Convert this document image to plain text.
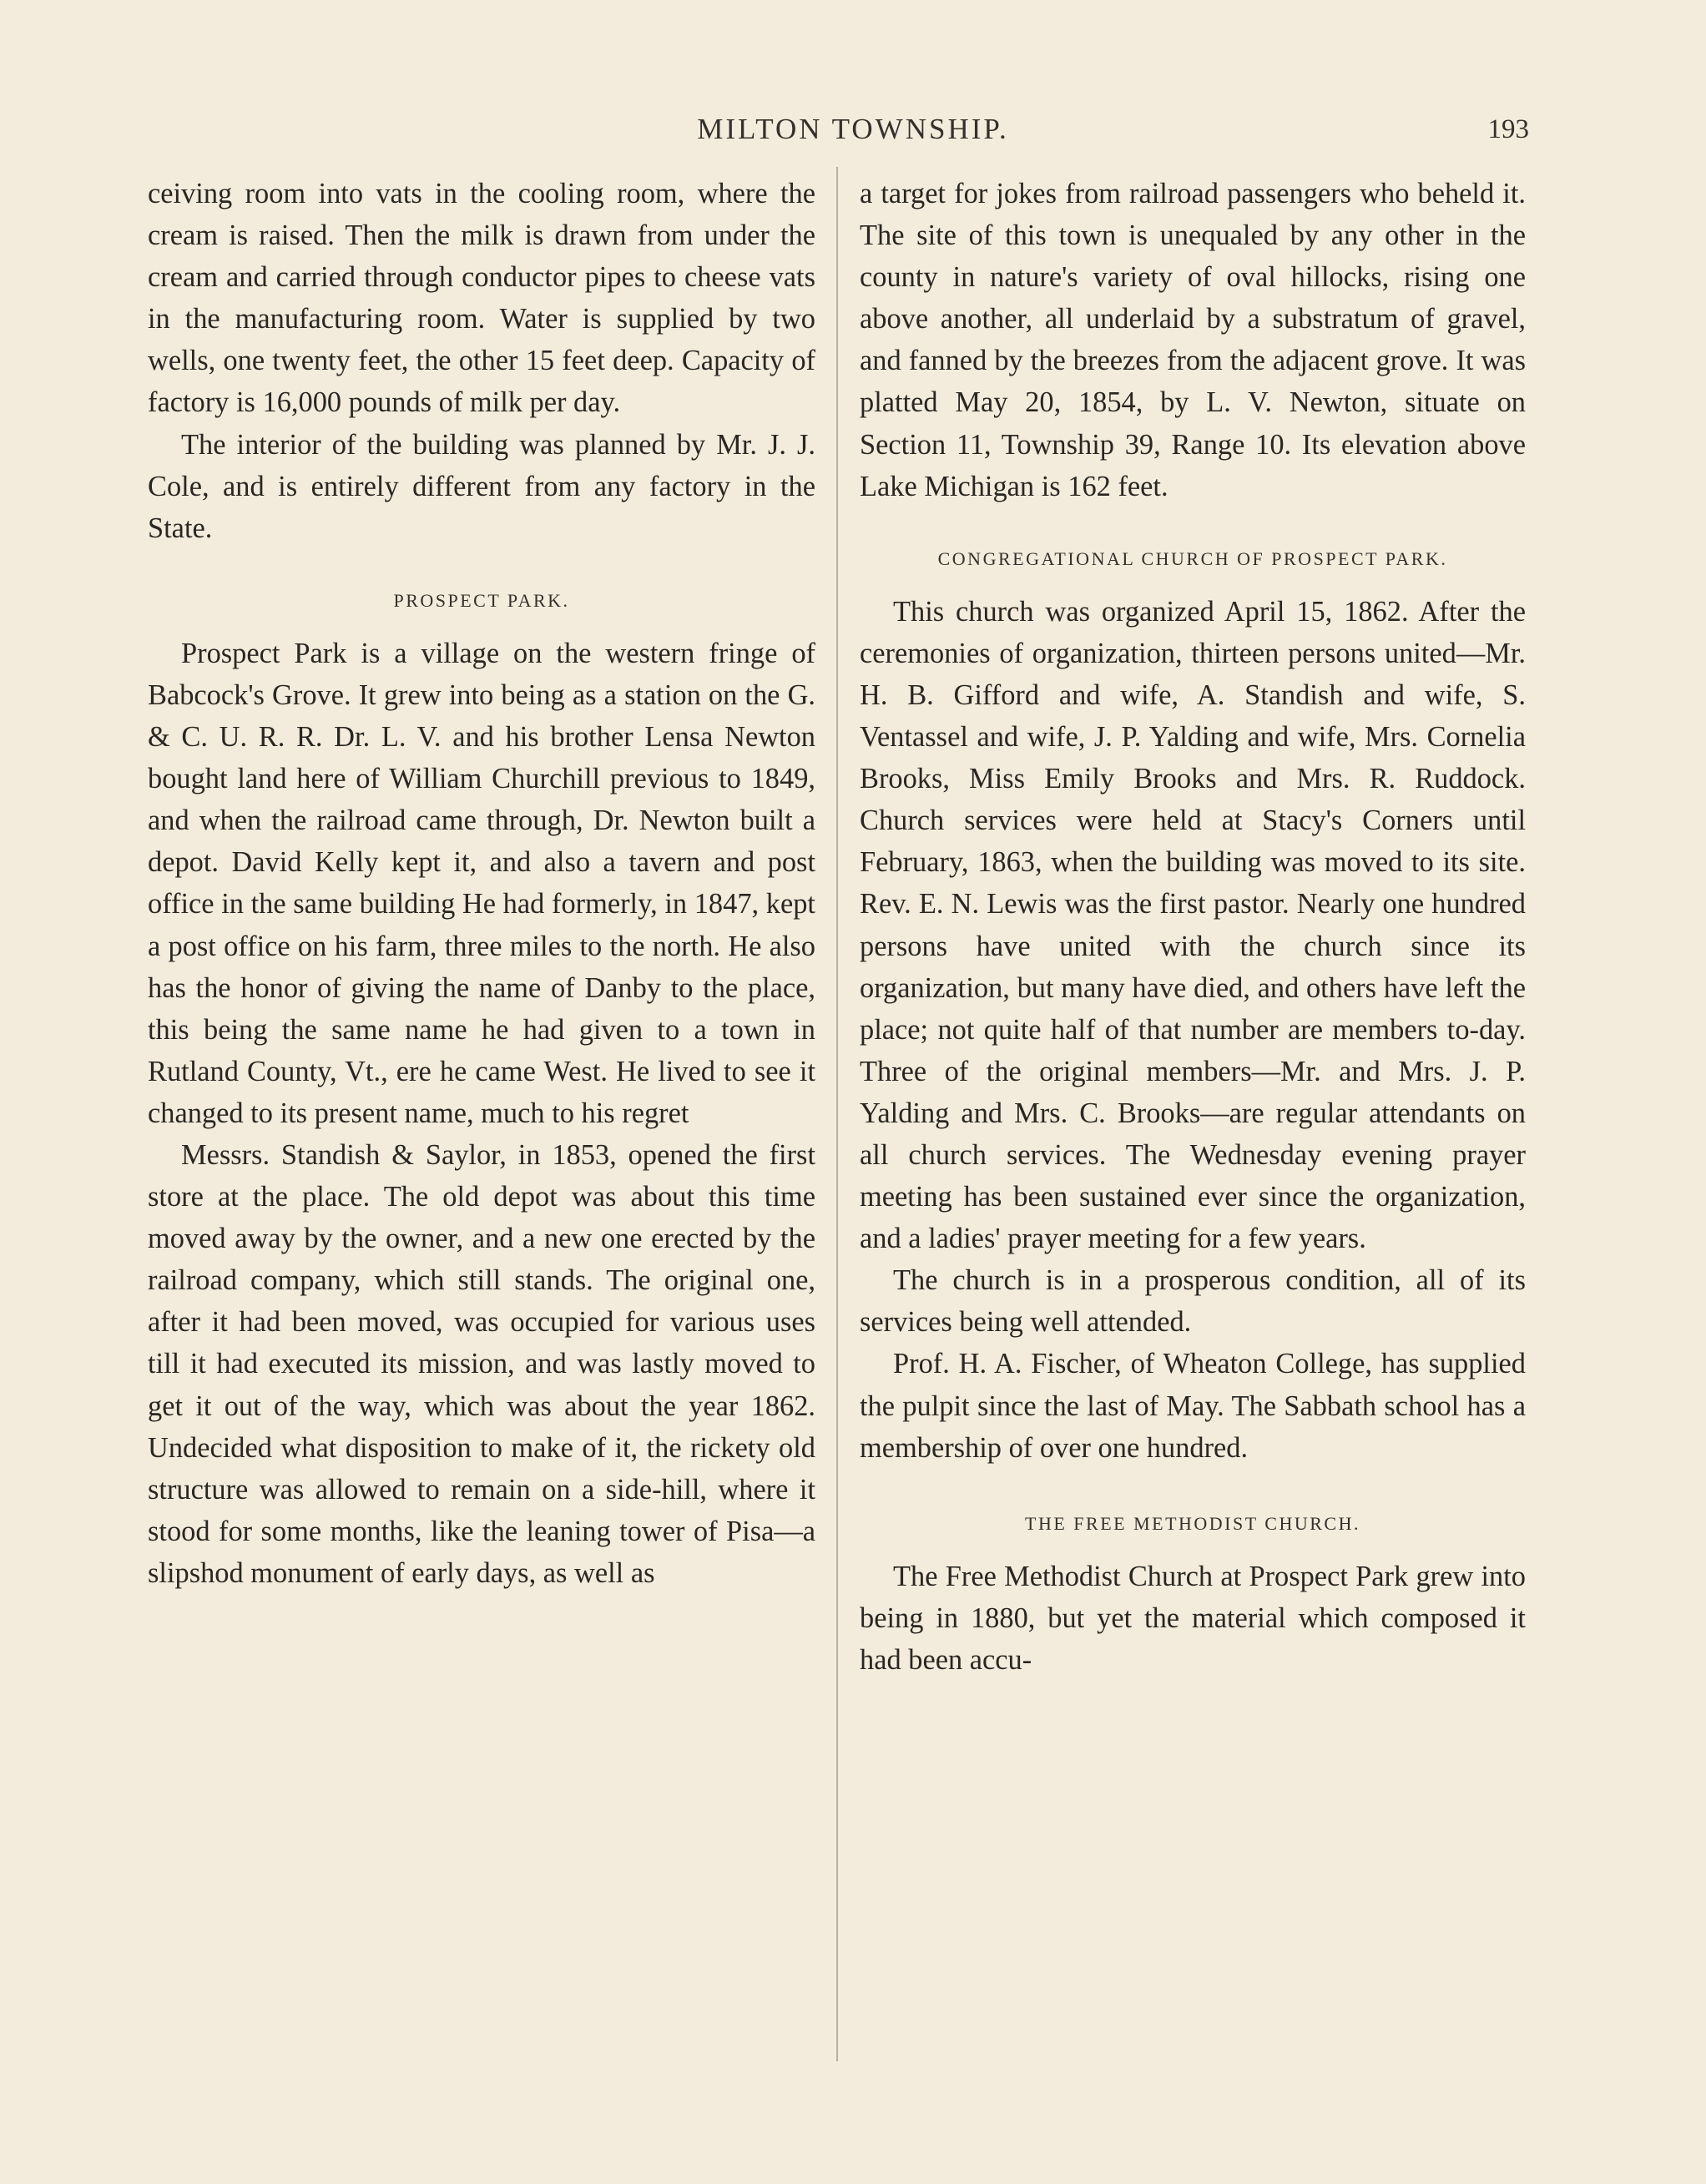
MILTON TOWNSHIP.	193

ceiving room into vats in the cooling room, where the cream is raised. Then the milk is drawn from under the cream and carried through conductor pipes to cheese vats in the manufacturing room. Water is supplied by two wells, one twenty feet, the other 15 feet deep. Capacity of factory is 16,000 pounds of milk per day.

The interior of the building was planned by Mr. J. J. Cole, and is entirely different from any factory in the State.

PROSPECT PARK.

Prospect Park is a village on the western fringe of Babcock's Grove. It grew into being as a station on the G. & C. U. R. R. Dr. L. V. and his brother Lensa Newton bought land here of William Churchill previous to 1849, and when the railroad came through, Dr. Newton built a depot. David Kelly kept it, and also a tavern and post office in the same building He had formerly, in 1847, kept a post office on his farm, three miles to the north. He also has the honor of giving the name of Danby to the place, this being the same name he had given to a town in Rutland County, Vt., ere he came West. He lived to see it changed to its present name, much to his regret

Messrs. Standish & Saylor, in 1853, opened the first store at the place. The old depot was about this time moved away by the owner, and a new one erected by the railroad company, which still stands. The original one, after it had been moved, was occupied for various uses till it had executed its mission, and was lastly moved to get it out of the way, which was about the year 1862. Undecided what disposition to make of it, the rickety old structure was allowed to remain on a side-hill, where it stood for some months, like the leaning tower of Pisa—a slipshod monument of early days, as well as

a target for jokes from railroad passengers who beheld it. The site of this town is unequaled by any other in the county in nature's variety of oval hillocks, rising one above another, all underlaid by a substratum of gravel, and fanned by the breezes from the adjacent grove. It was platted May 20, 1854, by L. V. Newton, situate on Section 11, Township 39, Range 10. Its elevation above Lake Michigan is 162 feet.

CONGREGATIONAL CHURCH OF PROSPECT PARK.

This church was organized April 15, 1862. After the ceremonies of organization, thirteen persons united—Mr. H. B. Gifford and wife, A. Standish and wife, S. Ventassel and wife, J. P. Yalding and wife, Mrs. Cornelia Brooks, Miss Emily Brooks and Mrs. R. Ruddock. Church services were held at Stacy's Corners until February, 1863, when the building was moved to its site. Rev. E. N. Lewis was the first pastor. Nearly one hundred persons have united with the church since its organization, but many have died, and others have left the place; not quite half of that number are members to-day. Three of the original members—Mr. and Mrs. J. P. Yalding and Mrs. C. Brooks—are regular attendants on all church services. The Wednesday evening prayer meeting has been sustained ever since the organization, and a ladies' prayer meeting for a few years.

The church is in a prosperous condition, all of its services being well attended.

Prof. H. A. Fischer, of Wheaton College, has supplied the pulpit since the last of May. The Sabbath school has a membership of over one hundred.

THE FREE METHODIST CHURCH.

The Free Methodist Church at Prospect Park grew into being in 1880, but yet the material which composed it had been accu-
